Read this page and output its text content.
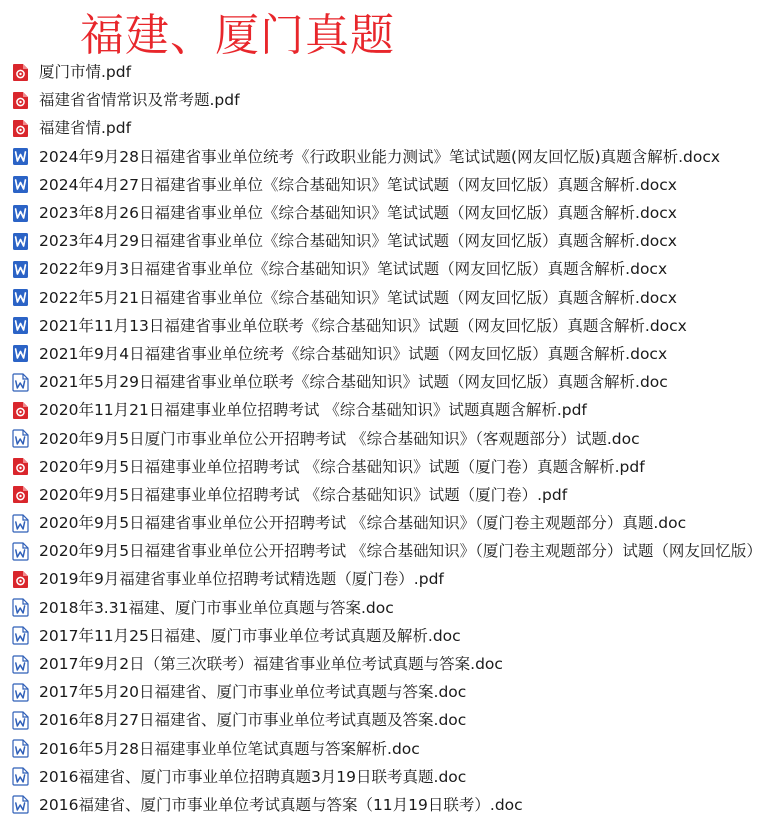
福建、厦门真题
厦门市情.pdf
福建省省情常识及常考题.pdf
福建省情.pdf
2024年9月28日福建省事业单位统考《行政职业能力测试》笔试试题(网友回忆版)真题含解析.docx
2024年4月27日福建省事业单位《综合基础知识》笔试试题（网友回忆版）真题含解析.docx
2023年8月26日福建省事业单位《综合基础知识》笔试试题（网友回忆版）真题含解析.docx
2023年4月29日福建省事业单位《综合基础知识》笔试试题（网友回忆版）真题含解析.docx
2022年9月3日福建省事业单位《综合基础知识》笔试试题（网友回忆版）真题含解析.docx
2022年5月21日福建省事业单位《综合基础知识》笔试试题（网友回忆版）真题含解析.docx
2021年11月13日福建省事业单位联考《综合基础知识》试题（网友回忆版）真题含解析.docx
2021年9月4日福建省事业单位统考《综合基础知识》试题（网友回忆版）真题含解析.docx
2021年5月29日福建省事业单位联考《综合基础知识》试题（网友回忆版）真题含解析.doc
2020年11月21日福建事业单位招聘考试 《综合基础知识》试题真题含解析.pdf
2020年9月5日厦门市事业单位公开招聘考试 《综合基础知识》（客观题部分）试题.doc
2020年9月5日福建事业单位招聘考试 《综合基础知识》试题（厦门卷）真题含解析.pdf
2020年9月5日福建事业单位招聘考试 《综合基础知识》试题（厦门卷）.pdf
2020年9月5日福建省事业单位公开招聘考试 《综合基础知识》（厦门卷主观题部分）真题.doc
2020年9月5日福建省事业单位公开招聘考试 《综合基础知识》（厦门卷主观题部分）试题（网友回忆版）
2019年9月福建省事业单位招聘考试精选题（厦门卷）.pdf
2018年3.31福建、厦门市事业单位真题与答案.doc
2017年11月25日福建、厦门市事业单位考试真题及解析.doc
2017年9月2日（第三次联考）福建省事业单位考试真题与答案.doc
2017年5月20日福建省、厦门市事业单位考试真题与答案.doc
2016年8月27日福建省、厦门市事业单位考试真题及答案.doc
2016年5月28日福建事业单位笔试真题与答案解析.doc
2016福建省、厦门市事业单位招聘真题3月19日联考真题.doc
2016福建省、厦门市事业单位考试真题与答案（11月19日联考）.doc
